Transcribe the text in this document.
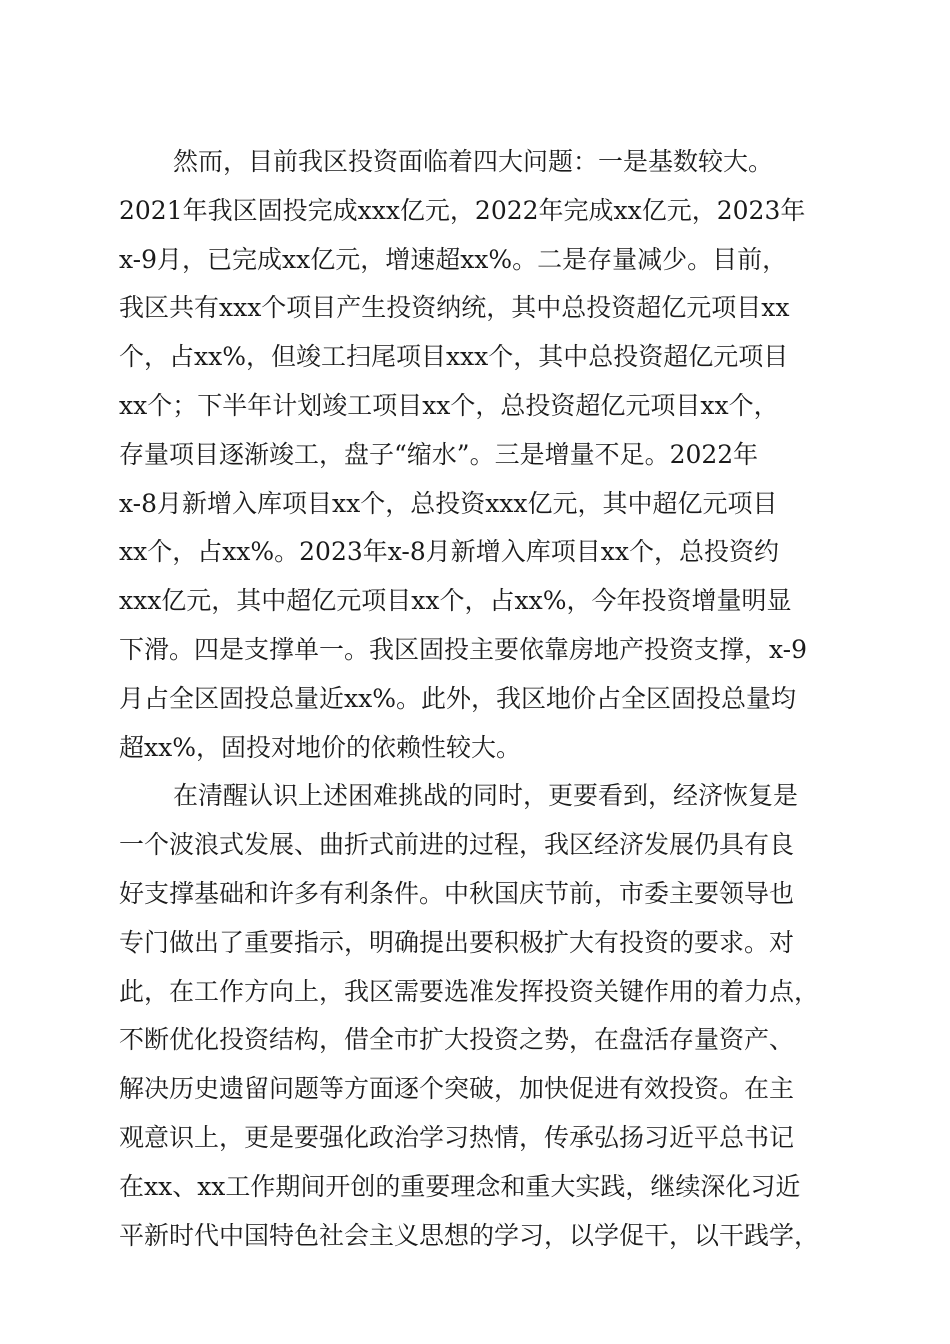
然而，目前我区投资面临着四大问题：一是基数较大。
2021年我区固投完成xxx亿元，2022年完成xx亿元，2023年
x-9月，已完成xx亿元，增速超xx%。二是存量减少。目前，
我区共有xxx个项目产生投资纳统，其中总投资超亿元项目xx
个，占xx%，但竣工扫尾项目xxx个，其中总投资超亿元项目
xx个；下半年计划竣工项目xx个，总投资超亿元项目xx个，
存量项目逐渐竣工，盘子“缩水”。三是增量不足。2022年
x-8月新增入库项目xx个，总投资xxx亿元，其中超亿元项目
xx个，占xx%。2023年x-8月新增入库项目xx个，总投资约
xxx亿元，其中超亿元项目xx个，占xx%，今年投资增量明显
下滑。四是支撑单一。我区固投主要依靠房地产投资支撑，x-9
月占全区固投总量近xx%。此外，我区地价占全区固投总量均
超xx%，固投对地价的依赖性较大。
在清醒认识上述困难挑战的同时，更要看到，经济恢复是
一个波浪式发展、曲折式前进的过程，我区经济发展仍具有良
好支撑基础和许多有利条件。中秋国庆节前，市委主要领导也
专门做出了重要指示，明确提出要积极扩大有投资的要求。对
此，在工作方向上，我区需要选准发挥投资关键作用的着力点，
不断优化投资结构，借全市扩大投资之势，在盘活存量资产、
解决历史遗留问题等方面逐个突破，加快促进有效投资。在主
观意识上，更是要强化政治学习热情，传承弘扬习近平总书记
在xx、xx工作期间开创的重要理念和重大实践，继续深化习近
平新时代中国特色社会主义思想的学习，以学促干，以干践学，
